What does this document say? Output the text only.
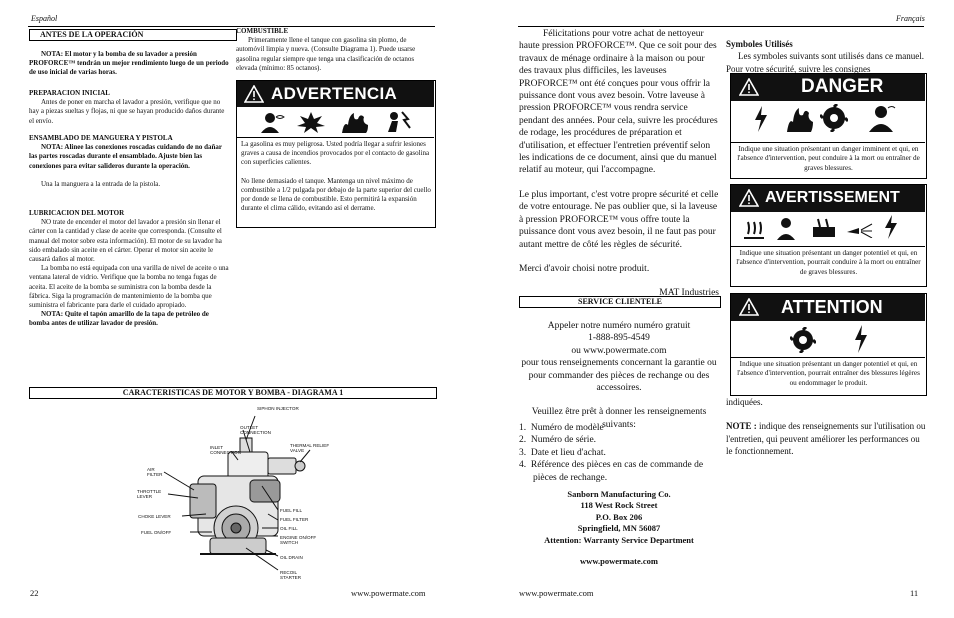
Español
ANTES DE LA OPERACIÓN

NOTA: El motor y la bomba de su lavador a presión PROFORCE™ tendrán un mejor rendimiento luego de un periodo de uso inicial de varias horas.

PREPARACION INICIAL

Antes de poner en marcha el lavador a presión, verifique que no hay a piezas sueltas y flojas, ni que se hayan producido daños durante el envío.

ENSAMBLADO DE MANGUERA Y PISTOLA

NOTA: Alinee las conexiones roscadas cuidando de no dañar las partes roscadas durante el ensamblado. Ajuste bien las conexiones para evitar salideros durante la operación.

Una la manguera a la entrada de la pistola.

LUBRICACION DEL MOTOR

NO trate de encender el motor del lavador a presión sin llenar el cárter con la cantidad y clase de aceite que corresponda. (Consulte el manual del motor sobre esta información). El motor de su lavador ha sido embalado sin aceite en el cárter. Operar el motor sin aceite le causará daños al motor.

La bomba no está equipada con una varilla de nivel de aceite o una ventana lateral de vidrio. Verifique que la bomba no tenga fugas de aceita. El aceite de la bomba se suministra con la bomba desde la fábrica. Siga la programación de mantenimiento de la bomba que suministra el fabricante para darle el cuidado apropiado.

NOTA: Quite el tapón amarillo de la tapa de petróleo de bomba antes de utilizar lavador de presión.

COMBUSTIBLE

Primeramente llene el tanque con gasolina sin plomo, de automóvil limpia y nueva. (Consulte Diagrama 1). Puede usarse gasolina regular siempre que tenga una clasificación de octanos elevada (mínimo: 85 octanos).

ADVERTENCIA

La gasolina es muy peligrosa. Usted podría llegar a sufrir lesiones graves a causa de incendios provocados por el contacto de gasolina con superficies calientes.

No llene demasiado el tanque. Mantenga un nivel máximo de combustible a 1/2 pulgada por debajo de la parte superior del cuello por donde se llena de combustible. Esto permitirá la expansión durante el clima cálido, evitando así el derrame.

CARACTERISTICAS DE MOTOR Y BOMBA - DIAGRAMA 1
SIPHON INJECTOR
OUTLET CONNECTION
INLET CONNECTION
THERMAL RELIEF VALVE
AIR FILTER
THROTTLE LEVER
CHOKE LEVER
FUEL ON/OFF
FUEL FILL
FUEL FILTER
OIL FILL
ENGINE ON/OFF SWITCH
OIL DRAIN
RECOIL STARTER
22	www.powermate.com
Français

Félicitations pour votre achat de nettoyeur haute pression PROFORCE™. Que ce soit pour des travaux de ménage ordinaire à la maison ou pour des travaux plus difficiles, les laveuses PROFORCE™ ont été conçues pour vous offrir la puissance dont vous avez besoin. Votre laveuse à pression PROFORCE™ vous rendra service pendant des années. Pour cela, suivre les procédures de rodage, les procédures de préparation et d'utilisation, et effectuer l'entretien préventif selon les indications de ce document, ainsi que du manuel relatif au moteur, qui l'accompagne.

Le plus important, c'est votre propre sécurité et celle de votre entourage. Ne pas oublier que, si la laveuse à pression PROFORCE™ vous offre toute la puissance dont vous avez besoin, il ne faut pas pour autant mettre de côté les règles de sécurité.

Merci d'avoir choisi notre produit.

MAT Industries

SERVICE CLIENTELE

Appeler notre numéro numéro gratuit

1-888-895-4549

ou www.powermate.com

pour tous renseignements concernant la garantie ou

pour commander des pièces de rechange ou des

accessoires.

Veuillez être prêt à donner les renseignements suivants:

1.  Numéro de modèle

2.  Numéro de série.

3.  Date et lieu d'achat.

4.  Référence des pièces en cas de commande de pièces de rechange.

Sanborn Manufacturing Co.

118 West Rock Street

P.O. Box 206

Springfield, MN 56087

Attention: Warranty Service Department

www.powermate.com

Symboles Utilisés

Les symboles suivants sont utilisés dans ce manuel. Pour votre sécurité, suivre les consignes

DANGER

Indique une situation présentant un danger imminent et qui, en l'absence d'intervention, peut conduire à la mort ou entraîner de graves blessures.

AVERTISSEMENT

Indique une situation présentant un danger potentiel et qui, en l'absence d'intervention, pourrait conduire à la mort ou entraîner de graves blessures.

ATTENTION

Indique une situation présentant un danger potentiel et qui, en l'absence d'intervention, pourrait entraîner des blessures légères ou endommager le produit.

indiquées.

NOTE : indique des renseignements sur l'utilisation ou l'entretien, qui peuvent améliorer les performances ou le fonctionnement.

www.powermate.com	11
